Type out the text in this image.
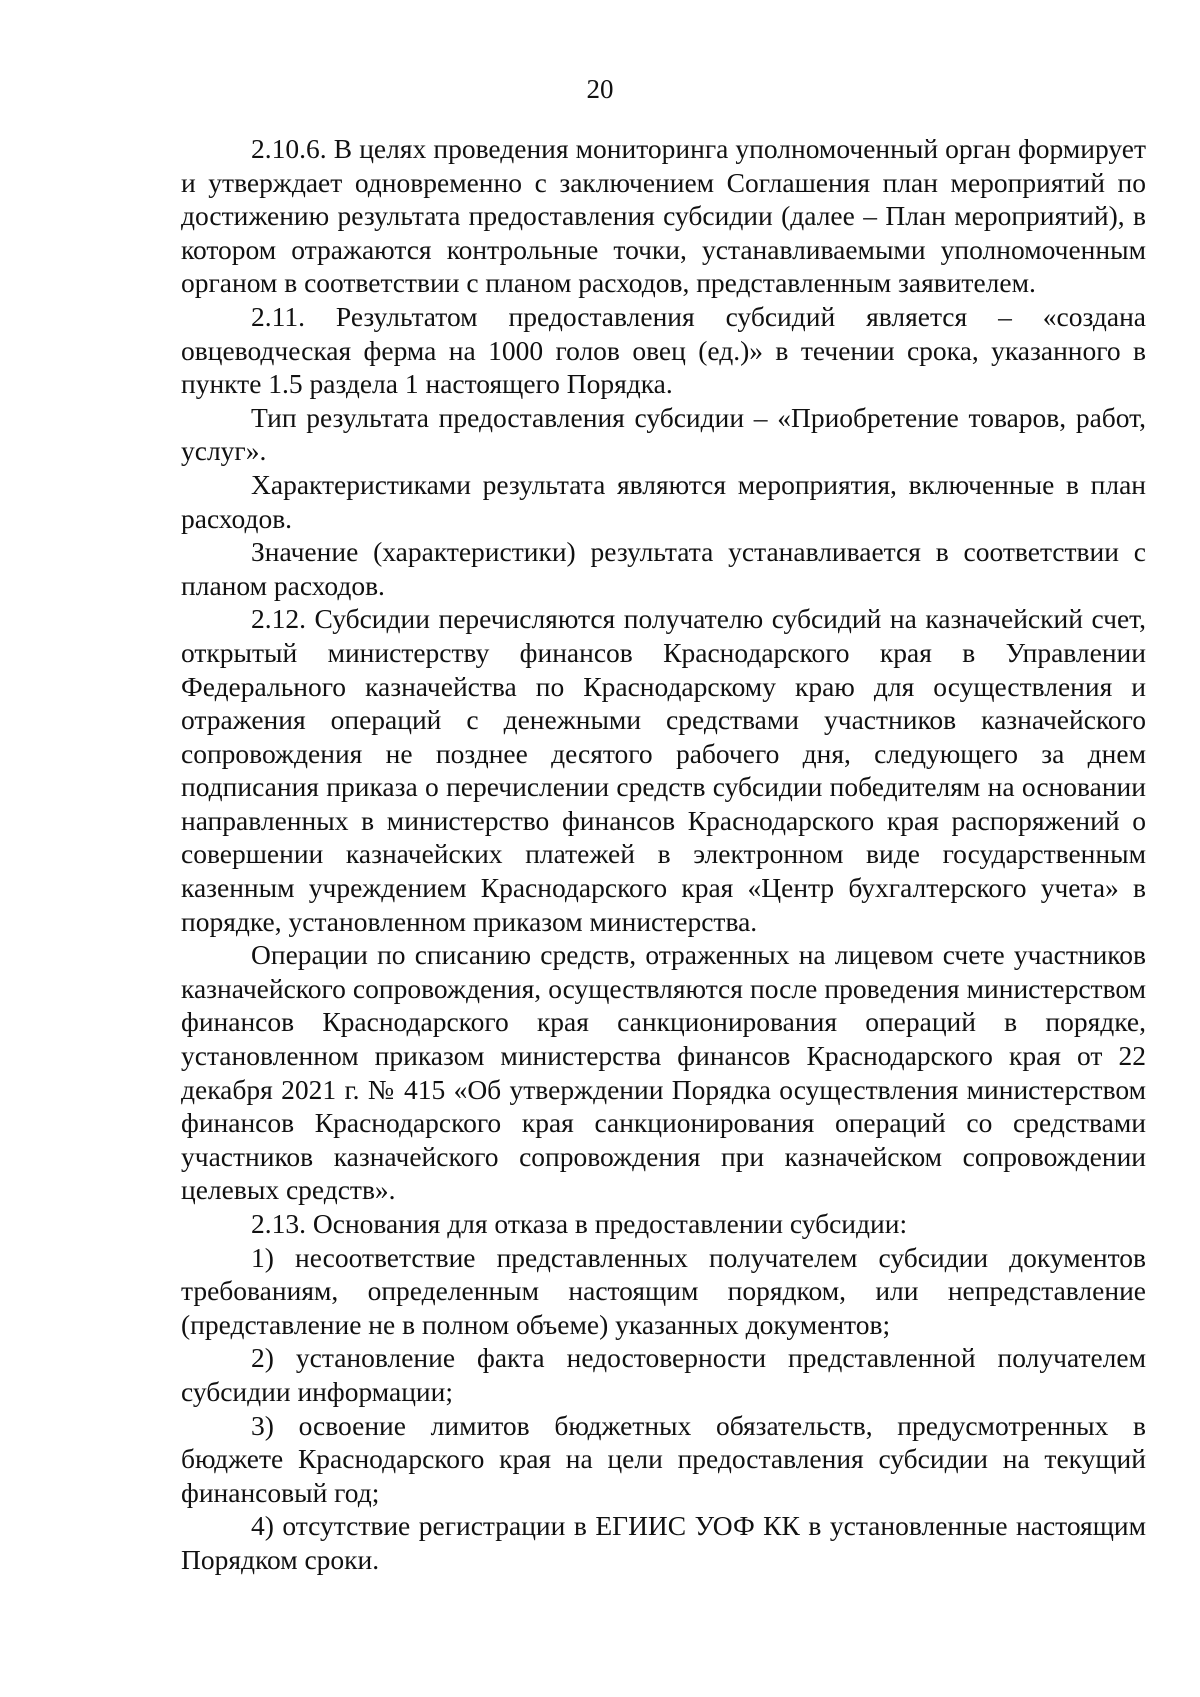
20

2.10.6. В целях проведения мониторинга уполномоченный орган формирует и утверждает одновременно с заключением Соглашения план мероприятий по достижению результата предоставления субсидии (далее – План мероприятий), в котором отражаются контрольные точки, устанавливаемыми уполномоченным органом в соответствии с планом расходов, представленным заявителем.

2.11. Результатом предоставления субсидий является – «создана овцеводческая ферма на 1000 голов овец (ед.)» в течении срока, указанного в пункте 1.5 раздела 1 настоящего Порядка.

Тип результата предоставления субсидии – «Приобретение товаров, работ, услуг».

Характеристиками результата являются мероприятия, включенные в план расходов.

Значение (характеристики) результата устанавливается в соответствии с планом расходов.

2.12. Субсидии перечисляются получателю субсидий на казначейский счет, открытый министерству финансов Краснодарского края в Управлении Федерального казначейства по Краснодарскому краю для осуществления и отражения операций с денежными средствами участников казначейского сопровождения не позднее десятого рабочего дня, следующего за днем подписания приказа о перечислении средств субсидии победителям на основании направленных в министерство финансов Краснодарского края распоряжений о совершении казначейских платежей в электронном виде государственным казенным учреждением Краснодарского края «Центр бухгалтерского учета» в порядке, установленном приказом министерства.

Операции по списанию средств, отраженных на лицевом счете участников казначейского сопровождения, осуществляются после проведения министерством финансов Краснодарского края санкционирования операций в порядке, установленном приказом министерства финансов Краснодарского края от 22 декабря 2021 г. № 415 «Об утверждении Порядка осуществления министерством финансов Краснодарского края санкционирования операций со средствами участников казначейского сопровождения при казначейском сопровождении целевых средств».

2.13. Основания для отказа в предоставлении субсидии:

1) несоответствие представленных получателем субсидии документов требованиям, определенным настоящим порядком, или непредставление (представление не в полном объеме) указанных документов;

2) установление факта недостоверности представленной получателем субсидии информации;

3) освоение лимитов бюджетных обязательств, предусмотренных в бюджете Краснодарского края на цели предоставления субсидии на текущий финансовый год;

4) отсутствие регистрации в ЕГИИС УОФ КК в установленные настоящим Порядком сроки.
